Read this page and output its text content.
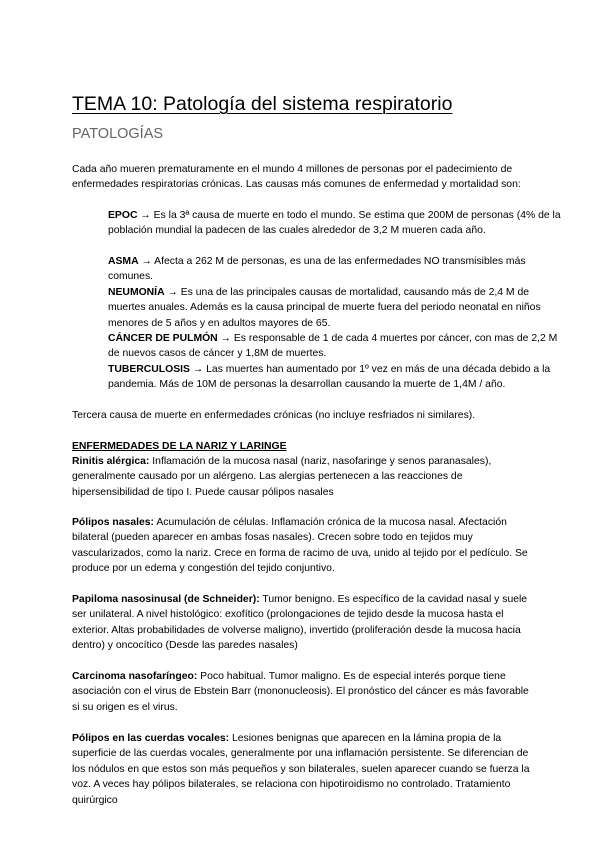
TEMA 10: Patología del sistema respiratorio
PATOLOGÍAS

Cada año mueren prematuramente en el mundo 4 millones de personas por el padecimiento de enfermedades respiratorias crónicas. Las causas más comunes de enfermedad y mortalidad son:

EPOC → Es la 3ª causa de muerte en todo el mundo. Se estima que 200M de personas (4% de la población mundial la padecen de las cuales alrededor de 3,2 M mueren cada año.

ASMA → Afecta a 262 M de personas, es una de las enfermedades NO transmisibles más comunes.

NEUMONÍA → Es una de las principales causas de mortalidad, causando más de 2,4 M de muertes anuales. Además es la causa principal de muerte fuera del periodo neonatal en niños menores de 5 años y en adultos mayores de 65.

CÁNCER DE PULMÓN → Es responsable de 1 de cada 4 muertes por cáncer, con mas de 2,2 M de nuevos casos de cáncer y 1,8M de muertes.

TUBERCULOSIS → Las muertes han aumentado por 1º vez en más de una década debido a la pandemia. Más de 10M de personas la desarrollan causando la muerte de 1,4M / año.

Tercera causa de muerte en enfermedades crónicas (no incluye resfriados ni similares).

ENFERMEDADES DE LA NARIZ Y LARINGE

Rinitis alérgica: Inflamación de la mucosa nasal (nariz, nasofaringe y senos paranasales), generalmente causado por un alérgeno. Las alergias pertenecen a las reacciones de hipersensibilidad de tipo I. Puede causar pólipos nasales

Pólipos nasales: Acumulación de células. Inflamación crónica de la mucosa nasal. Afectación bilateral (pueden aparecer en ambas fosas nasales). Crecen sobre todo en tejidos muy vascularizados, como la nariz. Crece en forma de racimo de uva, unido al tejido por el pedículo. Se produce por un edema y congestión del tejido conjuntivo.

Papiloma nasosinusal (de Schneider): Tumor benigno. Es específico de la cavidad nasal y suele ser unilateral. A nivel histológico: exofítico (prolongaciones de tejido desde la mucosa hasta el exterior. Altas probabilidades de volverse maligno), invertido (proliferación desde la mucosa hacia dentro) y oncocítico (Desde las paredes nasales)

Carcinoma nasofaríngeo: Poco habitual. Tumor maligno. Es de especial interés porque tiene asociación con el virus de Ebstein Barr (mononucleosis). El pronóstico del cáncer es más favorable si su origen es el virus.

Pólipos en las cuerdas vocales: Lesiones benignas que aparecen en la lámina propia de la superficie de las cuerdas vocales, generalmente por una inflamación persistente. Se diferencian de los nódulos en que estos son más pequeños y son bilaterales, suelen aparecer cuando se fuerza la voz. A veces hay pólipos bilaterales, se relaciona con hipotiroidismo no controlado. Tratamiento quirúrgico
